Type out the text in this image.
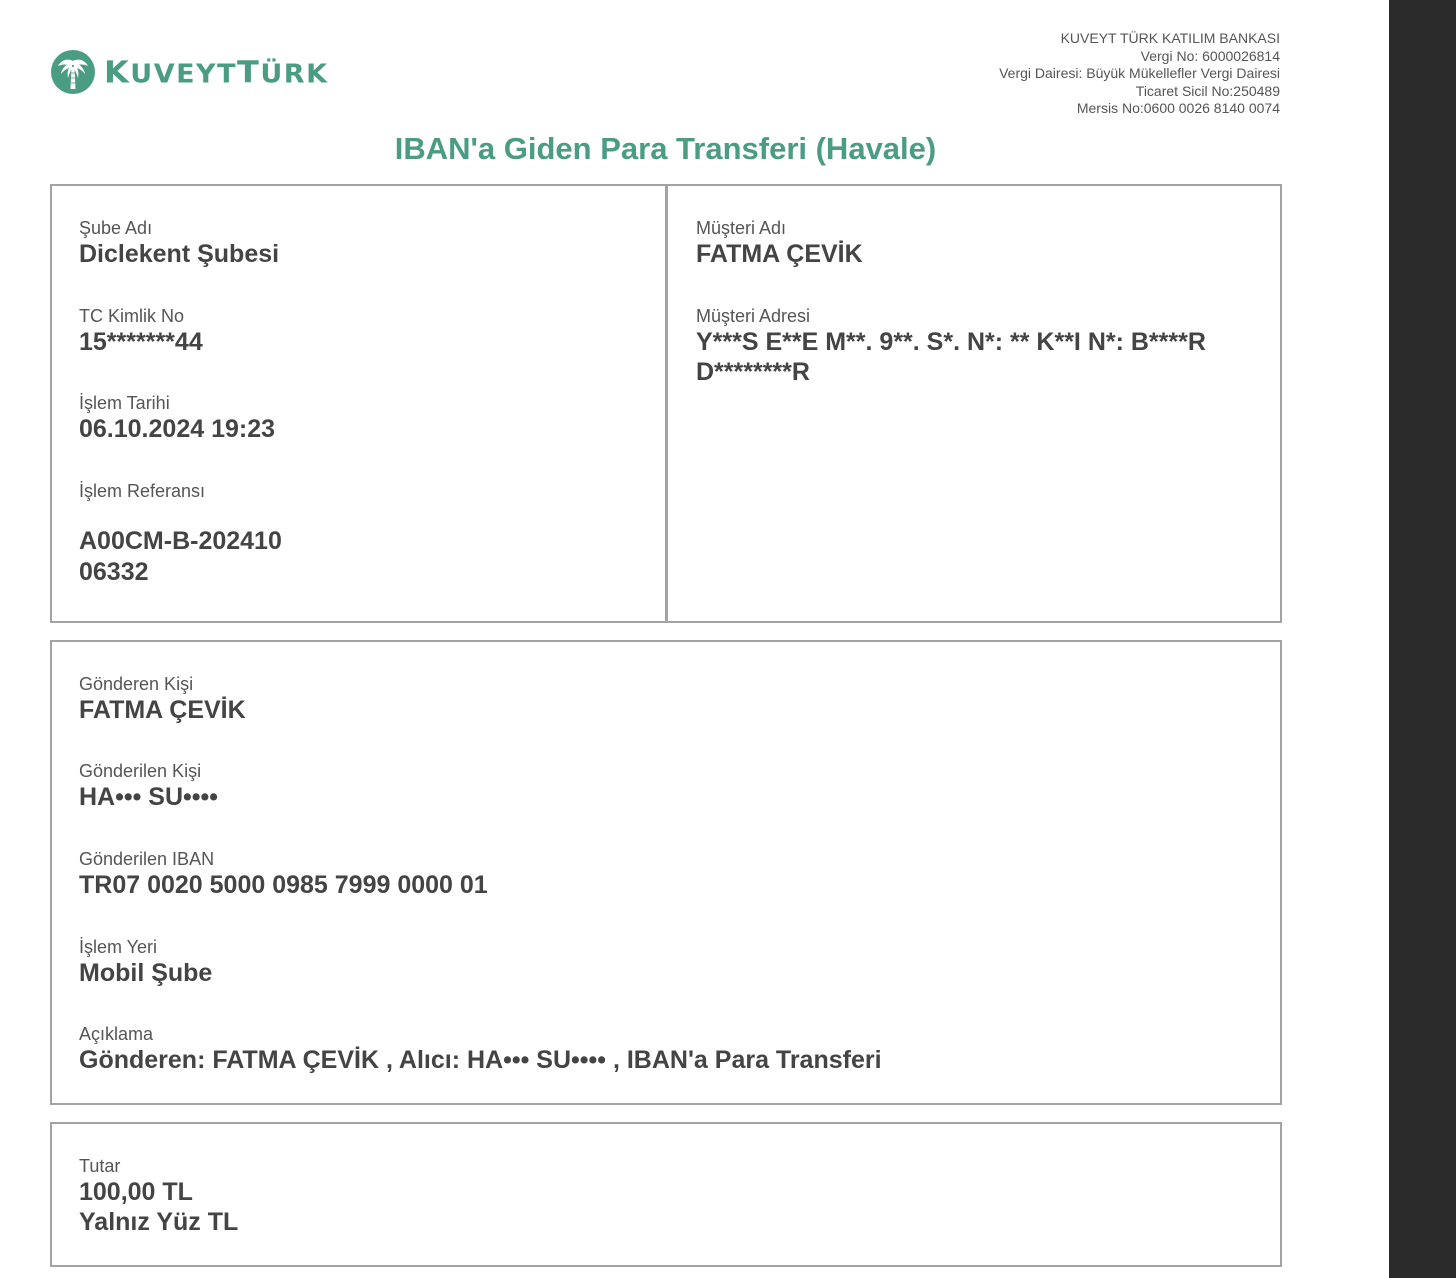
KUVEYTTÜRK
KUVEYT TÜRK KATILIM BANKASI
Vergi No: 6000026814
Vergi Dairesi: Büyük Mükellefler Vergi Dairesi
Ticaret Sicil No:250489
Mersis No:0600 0026 8140 0074
IBAN'a Giden Para Transferi (Havale)
Şube Adı
Diclekent Şubesi
TC Kimlik No
15*******44
İşlem Tarihi
06.10.2024 19:23
İşlem Referansı
A00CM-B-202410
06332
Müşteri Adı
FATMA ÇEVİK
Müşteri Adresi
Y***S E**E M**. 9**. S*. N*: ** K**I N*: B****R
D********R
Gönderen Kişi
FATMA ÇEVİK
Gönderilen Kişi
HA••• SU••••
Gönderilen IBAN
TR07 0020 5000 0985 7999 0000 01
İşlem Yeri
Mobil Şube
Açıklama
Gönderen: FATMA ÇEVİK , Alıcı: HA••• SU•••• , IBAN'a Para Transferi
Tutar
100,00 TL
Yalnız Yüz TL
